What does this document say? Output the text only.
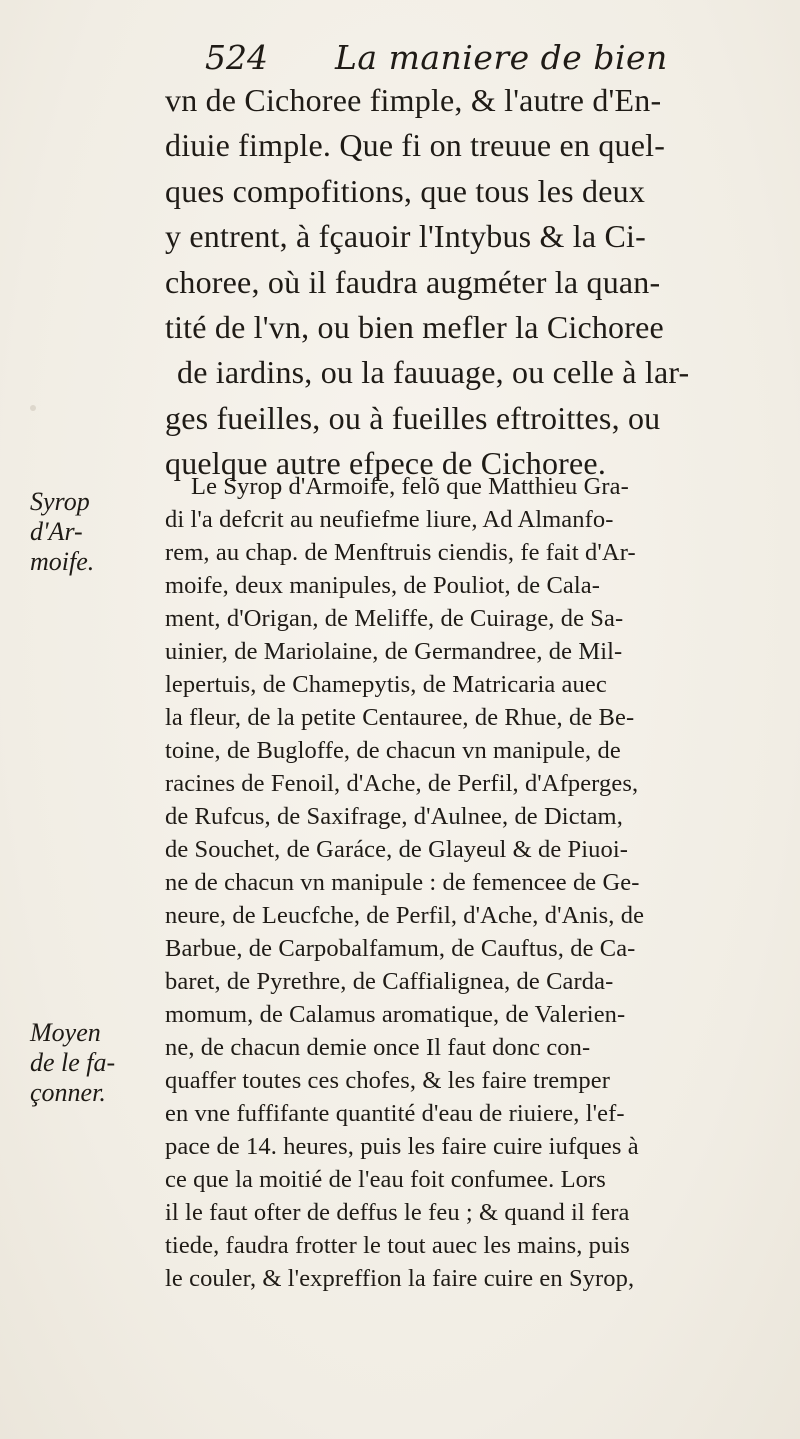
524 La maniere de bien
vn de Cichoree fimple, & l'autre d'En-
diuie fimple. Que fi on treuue en quel-
ques compofitions, que tous les deux
y entrent, à fçauoir l'Intybus & la Ci-
choree, où il faudra augméter la quan-
tité de l'vn, ou bien mefler la Cichoree
de iardins, ou la fauuage, ou celle à lar-
ges fueilles, ou à fueilles eftroittes, ou
quelque autre efpece de Cichoree.
Syrop
d'Ar-
moife.
Moyen
de le fa-
çonner.
Le Syrop d'Armoife, felõ que Matthieu Gra-
di l'a defcrit au neufiefme liure, Ad Almanfo-
rem, au chap. de Menftruis ciendis, fe fait d'Ar-
moife, deux manipules, de Pouliot, de Cala-
ment, d'Origan, de Meliffe, de Cuirage, de Sa-
uinier, de Mariolaine, de Germandree, de Mil-
lepertuis, de Chamepytis, de Matricaria auec
la fleur, de la petite Centauree, de Rhue, de Be-
toine, de Bugloffe, de chacun vn manipule, de
racines de Fenoil, d'Ache, de Perfil, d'Afperges,
de Rufcus, de Saxifrage, d'Aulnee, de Dictam,
de Souchet, de Garáce, de Glayeul & de Piuoi-
ne de chacun vn manipule : de femencee de Ge-
neure, de Leucfche, de Perfil, d'Ache, d'Anis, de
Barbue, de Carpobalfamum, de Cauftus, de Ca-
baret, de Pyrethre, de Caffialignea, de Carda-
momum, de Calamus aromatique, de Valerien-
ne, de chacun demie once Il faut donc con-
quaffer toutes ces chofes, & les faire tremper
en vne fuffifante quantité d'eau de riuiere, l'ef-
pace de 14. heures, puis les faire cuire iufques à
ce que la moitié de l'eau foit confumee. Lors
il le faut ofter de deffus le feu ; & quand il fera
tiede, faudra frotter le tout auec les mains, puis
le couler, & l'expreffion la faire cuire en Syrop,
